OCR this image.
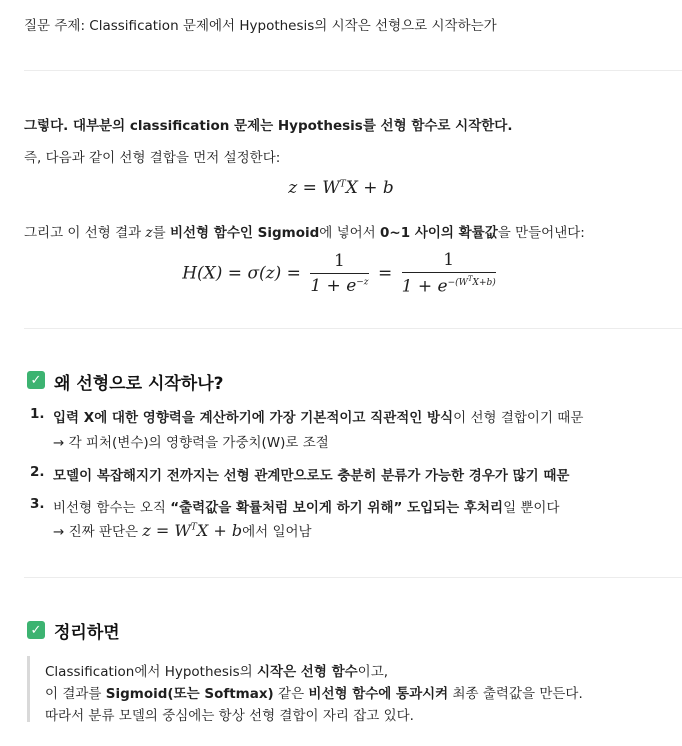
질문 주제: Classification 문제에서 Hypothesis의 시작은 선형으로 시작하는가
그렇다. 대부분의 classification 문제는 Hypothesis를 선형 함수로 시작한다.
즉, 다음과 같이 선형 결합을 먼저 설정한다:
$z = W^TX + b$
그리고 이 선형 결과 z를 비선형 함수인 Sigmoid에 넣어서 0~1 사이의 확률값을 만들어낸다:
$H(X) = \sigma(z) = \frac{1}{1 + e^{-z}} = \frac{1}{1 + e^{-(W^TX+b)}}$
✓ 왜 선형으로 시작하나?
1. 입력 X에 대한 영향력을 계산하기에 가장 기본적이고 직관적인 방식이 선형 결합이기 때문
→ 각 피처(변수)의 영향력을 가중치(W)로 조절
2. 모델이 복잡해지기 전까지는 선형 관계만으로도 충분히 분류가 가능한 경우가 많기 때문
3. 비선형 함수는 오직 “출력값을 확률처럼 보이게 하기 위해” 도입되는 후처리일 뿐이다
→ 진짜 판단은 $z = W^TX + b$에서 일어남
✓ 정리하면
Classification에서 Hypothesis의 시작은 선형 함수이고,
이 결과를 Sigmoid(또는 Softmax) 같은 비선형 함수에 통과시켜 최종 출력값을 만든다.
따라서 분류 모델의 중심에는 항상 선형 결합이 자리 잡고 있다.
